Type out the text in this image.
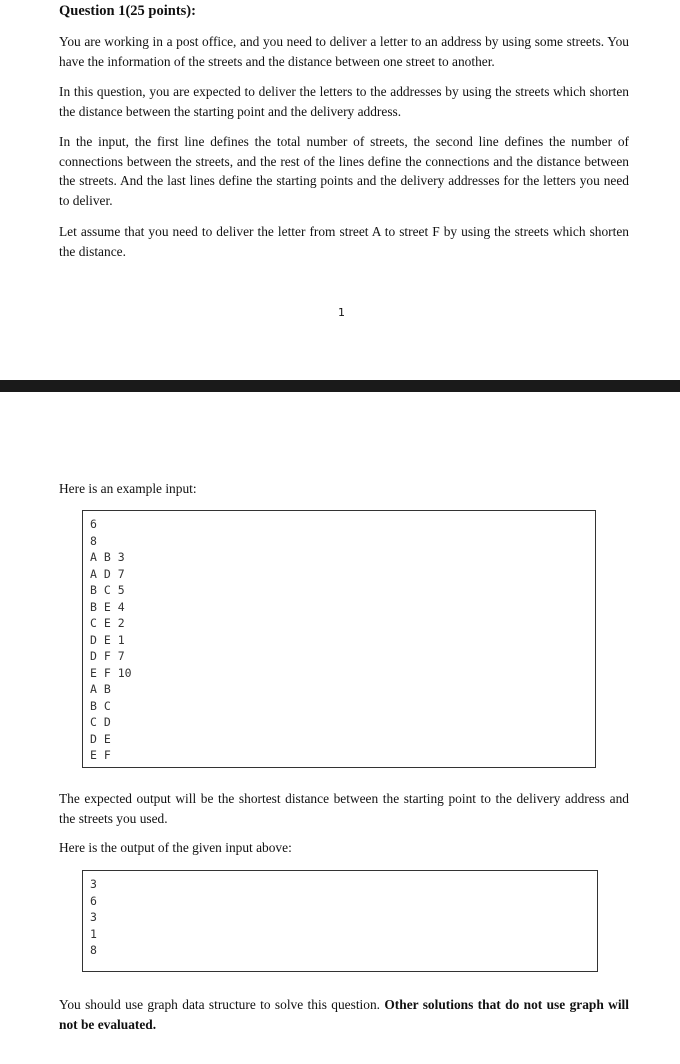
Question 1(25 points):

You are working in a post office, and you need to deliver a letter to an address by using some streets. You have the information of the streets and the distance between one street to another.

In this question, you are expected to deliver the letters to the addresses by using the streets which shorten the distance between the starting point and the delivery address.

In the input, the first line defines the total number of streets, the second line defines the number of connections between the streets, and the rest of the lines define the connections and the distance between the streets. And the last lines define the starting points and the delivery addresses for the letters you need to deliver.

Let assume that you need to deliver the letter from street A to street F by using the streets which shorten the distance.

1

Here is an example input:

6
8
A B 3
A D 7
B C 5
B E 4
C E 2
D E 1
D F 7
E F 10
A B
B C
C D
D E
E F

The expected output will be the shortest distance between the starting point to the delivery address and the streets you used.

Here is the output of the given input above:

3
6
3
1
8

You should use graph data structure to solve this question. Other solutions that do not use graph will not be evaluated.
